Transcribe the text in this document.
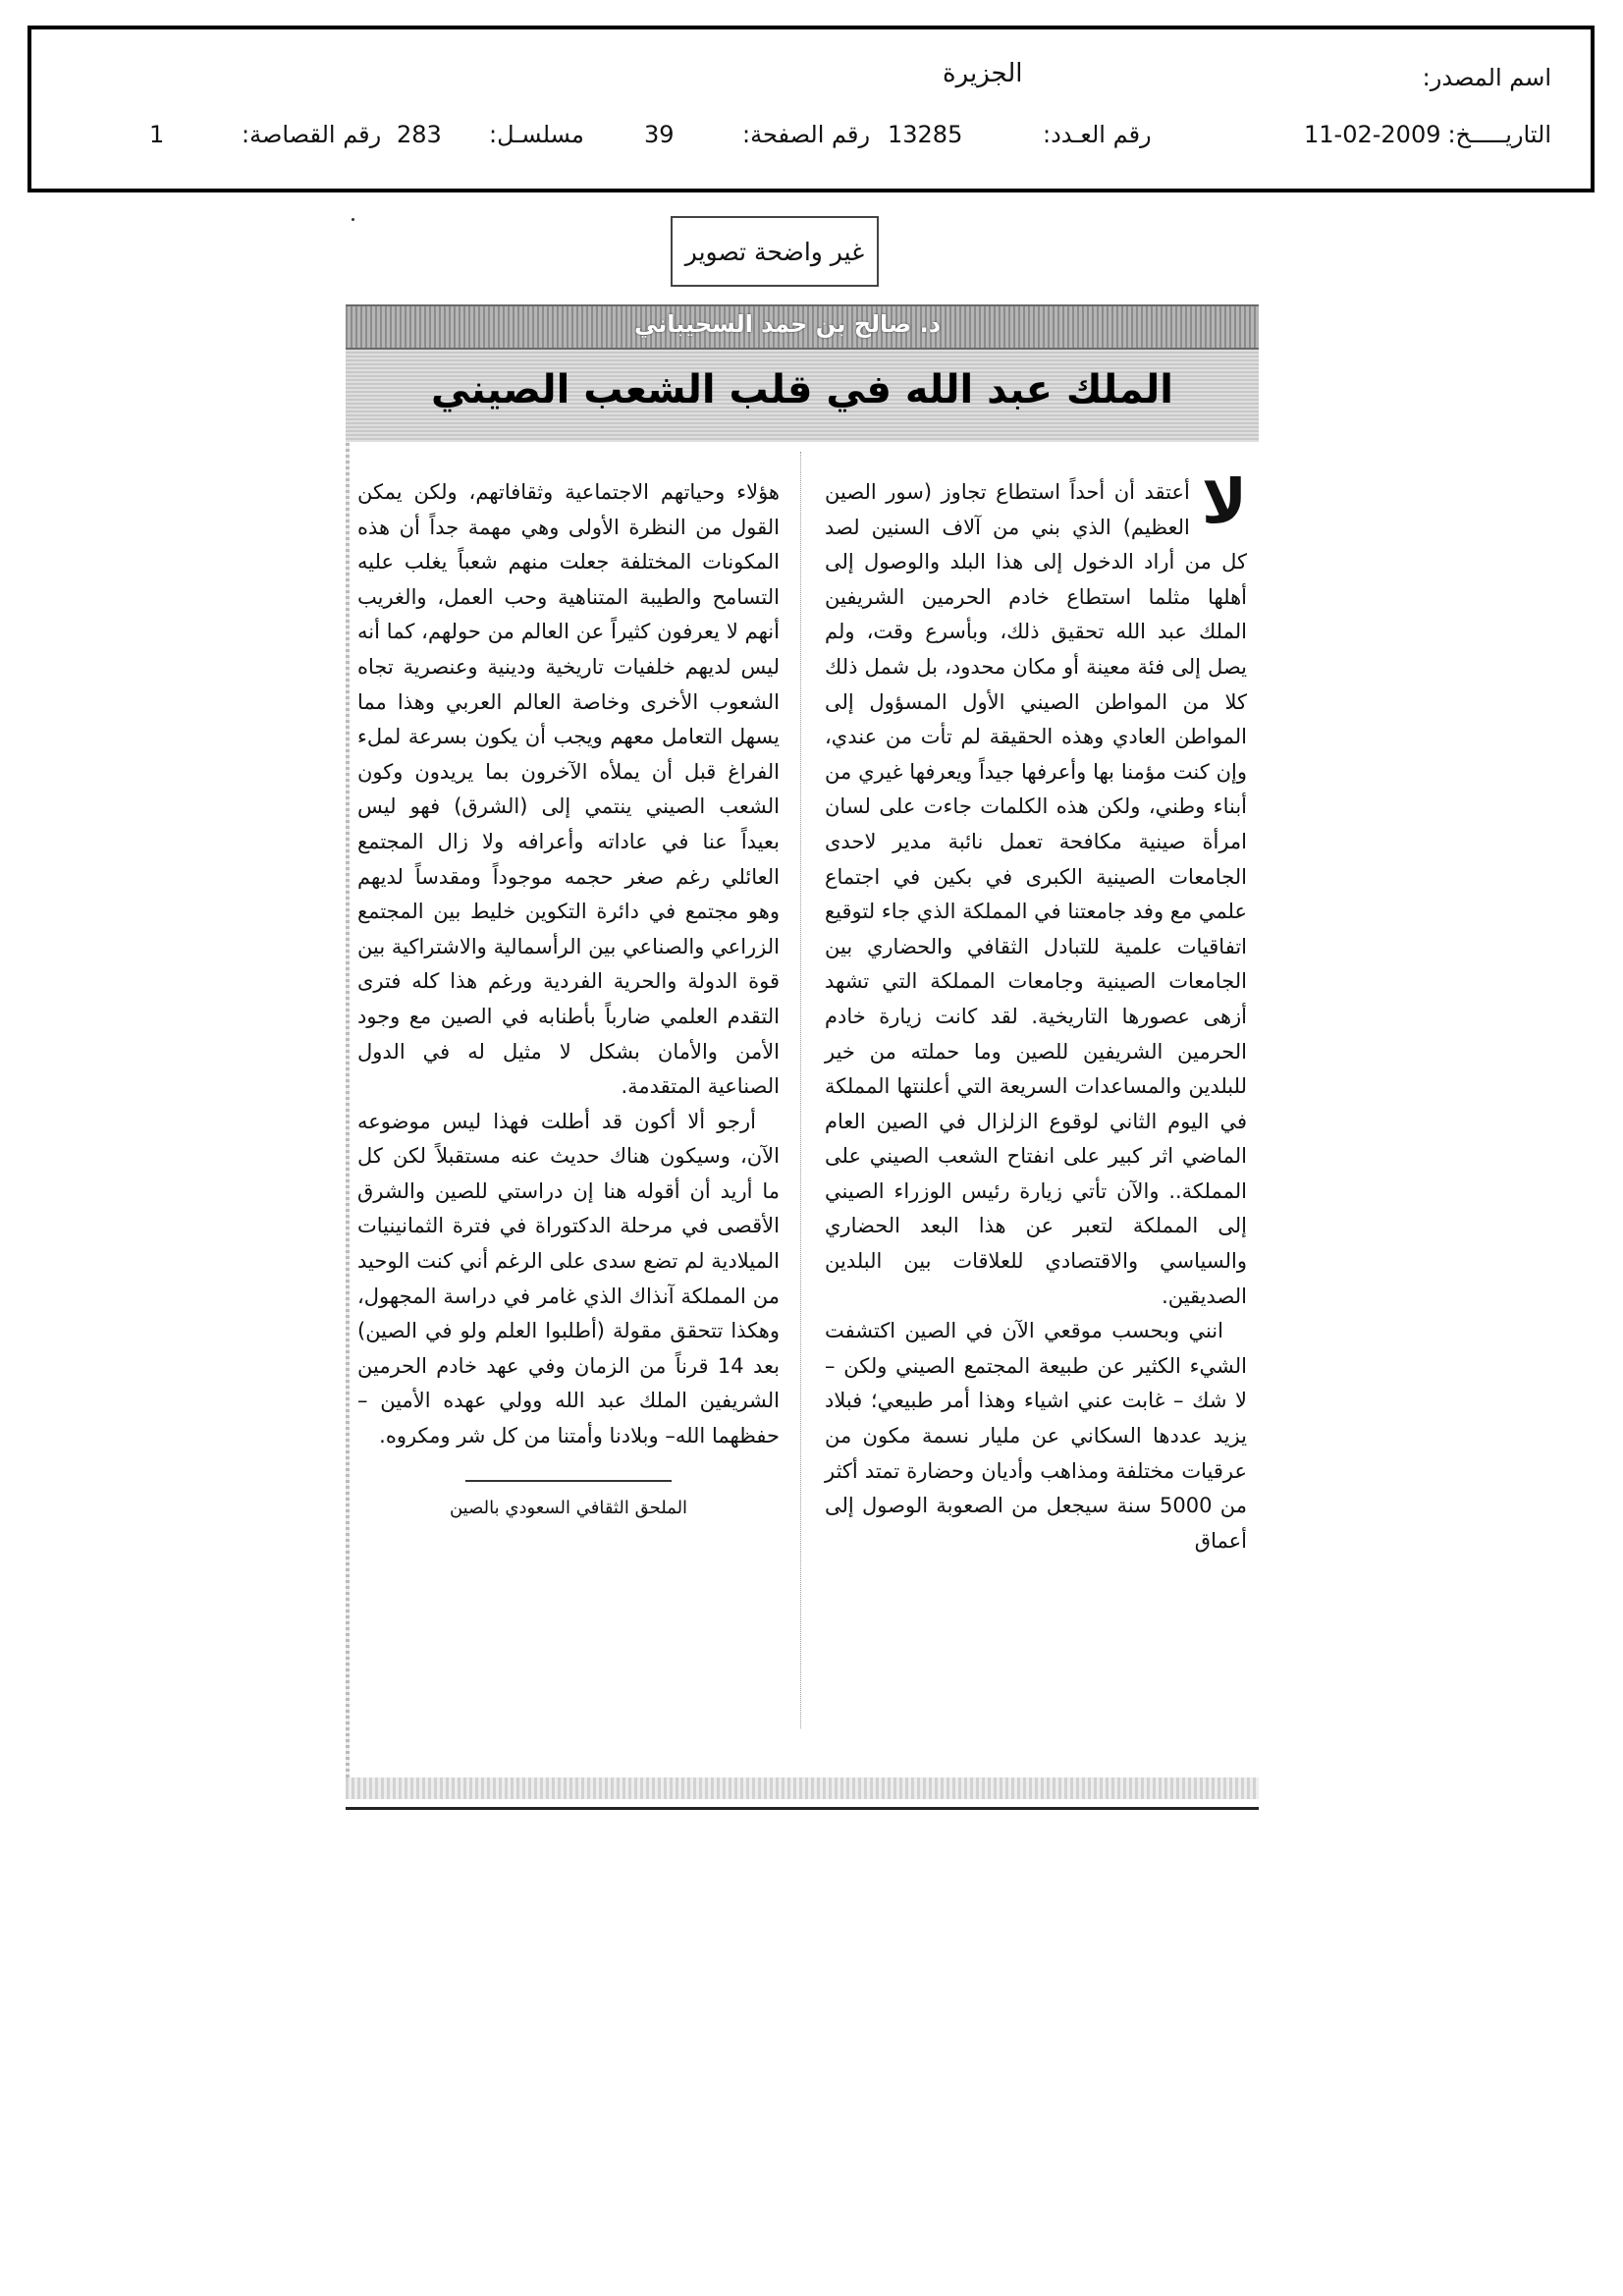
اسم المصدر:
الجزيرة
التاريـــــخ:
11-02-2009
رقم العـدد:
13285
رقم الصفحة:
39
مسلسـل:
283
رقم القصاصة:
1
غير واضحة تصوير
د. صالح بن حمد السحيباني
الملك عبد الله في قلب الشعب الصيني
لا

أعتقد أن أحداً استطاع تجاوز (سور الصين العظيم) الذي بني من آلاف السنين لصد كل من أراد الدخول إلى هذا البلد والوصول إلى أهلها مثلما استطاع خادم الحرمين الشريفين الملك عبد الله تحقيق ذلك، وبأسرع وقت، ولم يصل إلى فئة معينة أو مكان محدود، بل شمل ذلك كلا من المواطن الصيني الأول المسؤول إلى المواطن العادي وهذه الحقيقة لم تأت من عندي، وإن كنت مؤمنا بها وأعرفها جيداً ويعرفها غيري من أبناء وطني، ولكن هذه الكلمات جاءت على لسان امرأة صينية مكافحة تعمل نائبة مدير لاحدى الجامعات الصينية الكبرى في بكين في اجتماع علمي مع وفد جامعتنا في المملكة الذي جاء لتوقيع اتفاقيات علمية للتبادل الثقافي والحضاري بين الجامعات الصينية وجامعات المملكة التي تشهد أزهى عصورها التاريخية. لقد كانت زيارة خادم الحرمين الشريفين للصين وما حملته من خير للبلدين والمساعدات السريعة التي أعلنتها المملكة في اليوم الثاني لوقوع الزلزال في الصين العام الماضي اثر كبير على انفتاح الشعب الصيني على المملكة.. والآن تأتي زيارة رئيس الوزراء الصيني إلى المملكة لتعبر عن هذا البعد الحضاري والسياسي والاقتصادي للعلاقات بين البلدين الصديقين.

انني وبحسب موقعي الآن في الصين اكتشفت الشيء الكثير عن طبيعة المجتمع الصيني ولكن – لا شك – غابت عني اشياء وهذا أمر طبيعي؛ فبلاد يزيد عددها السكاني عن مليار نسمة مكون من عرقيات مختلفة ومذاهب وأديان وحضارة تمتد أكثر من 5000 سنة سيجعل من الصعوبة الوصول إلى أعماق

هؤلاء وحياتهم الاجتماعية وثقافاتهم، ولكن يمكن القول من النظرة الأولى وهي مهمة جداً أن هذه المكونات المختلفة جعلت منهم شعباً يغلب عليه التسامح والطيبة المتناهية وحب العمل، والغريب أنهم لا يعرفون كثيراً عن العالم من حولهم، كما أنه ليس لديهم خلفيات تاريخية ودينية وعنصرية تجاه الشعوب الأخرى وخاصة العالم العربي وهذا مما يسهل التعامل معهم ويجب أن يكون بسرعة لملء الفراغ قبل أن يملأه الآخرون بما يريدون وكون الشعب الصيني ينتمي إلى (الشرق) فهو ليس بعيداً عنا في عاداته وأعرافه ولا زال المجتمع العائلي رغم صغر حجمه موجوداً ومقدساً لديهم وهو مجتمع في دائرة التكوين خليط بين المجتمع الزراعي والصناعي بين الرأسمالية والاشتراكية بين قوة الدولة والحرية الفردية ورغم هذا كله فترى التقدم العلمي ضارباً بأطنابه في الصين مع وجود الأمن والأمان بشكل لا مثيل له في الدول الصناعية المتقدمة.

أرجو ألا أكون قد أطلت فهذا ليس موضوعه الآن، وسيكون هناك حديث عنه مستقبلاً لكن كل ما أريد أن أقوله هنا إن دراستي للصين والشرق الأقصى في مرحلة الدكتوراة في فترة الثمانينيات الميلادية لم تضع سدى على الرغم أني كنت الوحيد من المملكة آنذاك الذي غامر في دراسة المجهول، وهكذا تتحقق مقولة (أطلبوا العلم ولو في الصين) بعد 14 قرناً من الزمان وفي عهد خادم الحرمين الشريفين الملك عبد الله وولي عهده الأمين –حفظهما الله– وبلادنا وأمتنا من كل شر ومكروه.

الملحق الثقافي السعودي بالصين
